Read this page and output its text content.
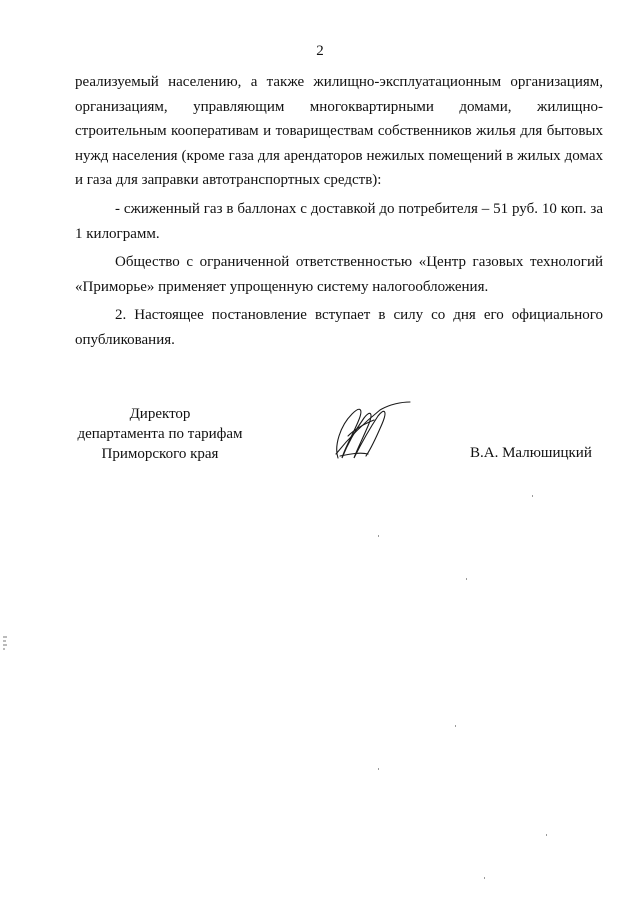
2

реализуемый населению, а также жилищно-эксплуатационным организациям, организациям, управляющим многоквартирными домами, жилищно-строительным кооперативам и товариществам собственников жилья для бытовых нужд населения (кроме газа для арендаторов нежилых помещений в жилых домах и газа для заправки автотранспортных средств):

- сжиженный газ в баллонах с доставкой до потребителя – 51 руб. 10 коп. за 1 килограмм.

Общество с ограниченной ответственностью «Центр газовых технологий «Приморье» применяет упрощенную систему налогообложения.

2. Настоящее постановление вступает в силу со дня его официального опубликования.

Директор
департамента по тарифам
Приморского края	В.А. Малюшицкий
